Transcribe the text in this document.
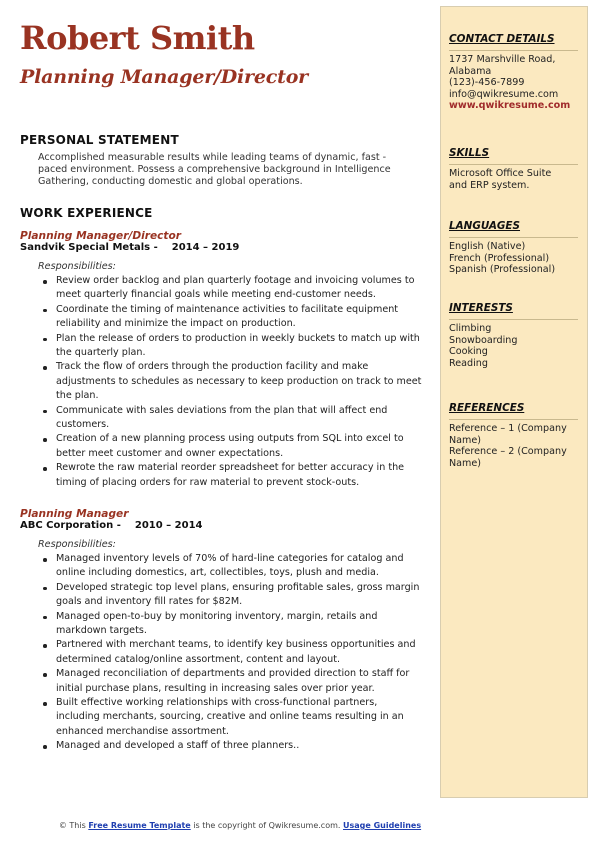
Robert Smith
Planning Manager/Director
PERSONAL STATEMENT
Accomplished measurable results while leading teams of dynamic, fast - paced environment. Possess a comprehensive background in Intelligence Gathering, conducting domestic and global operations.
WORK EXPERIENCE
Planning Manager/Director
Sandvik Special Metals - 2014 – 2019
Responsibilities:
Review order backlog and plan quarterly footage and invoicing volumes to meet quarterly financial goals while meeting end-customer needs.
Coordinate the timing of maintenance activities to facilitate equipment reliability and minimize the impact on production.
Plan the release of orders to production in weekly buckets to match up with the quarterly plan.
Track the flow of orders through the production facility and make adjustments to schedules as necessary to keep production on track to meet the plan.
Communicate with sales deviations from the plan that will affect end customers.
Creation of a new planning process using outputs from SQL into excel to better meet customer and owner expectations.
Rewrote the raw material reorder spreadsheet for better accuracy in the timing of placing orders for raw material to prevent stock-outs.
Planning Manager
ABC Corporation - 2010 – 2014
Responsibilities:
Managed inventory levels of 70% of hard-line categories for catalog and online including domestics, art, collectibles, toys, plush and media.
Developed strategic top level plans, ensuring profitable sales, gross margin goals and inventory fill rates for $82M.
Managed open-to-buy by monitoring inventory, margin, retails and markdown targets.
Partnered with merchant teams, to identify key business opportunities and determined catalog/online assortment, content and layout.
Managed reconciliation of departments and provided direction to staff for initial purchase plans, resulting in increasing sales over prior year.
Built effective working relationships with cross-functional partners, including merchants, sourcing, creative and online teams resulting in an enhanced merchandise assortment.
Managed and developed a staff of three planners..
CONTACT DETAILS
1737 Marshville Road, Alabama
(123)-456-7899
info@qwikresume.com
www.qwikresume.com
SKILLS
Microsoft Office Suite and ERP system.
LANGUAGES
English (Native)
French (Professional)
Spanish (Professional)
INTERESTS
Climbing
Snowboarding
Cooking
Reading
REFERENCES
Reference – 1 (Company Name)
Reference – 2 (Company Name)
© This Free Resume Template is the copyright of Qwikresume.com. Usage Guidelines
